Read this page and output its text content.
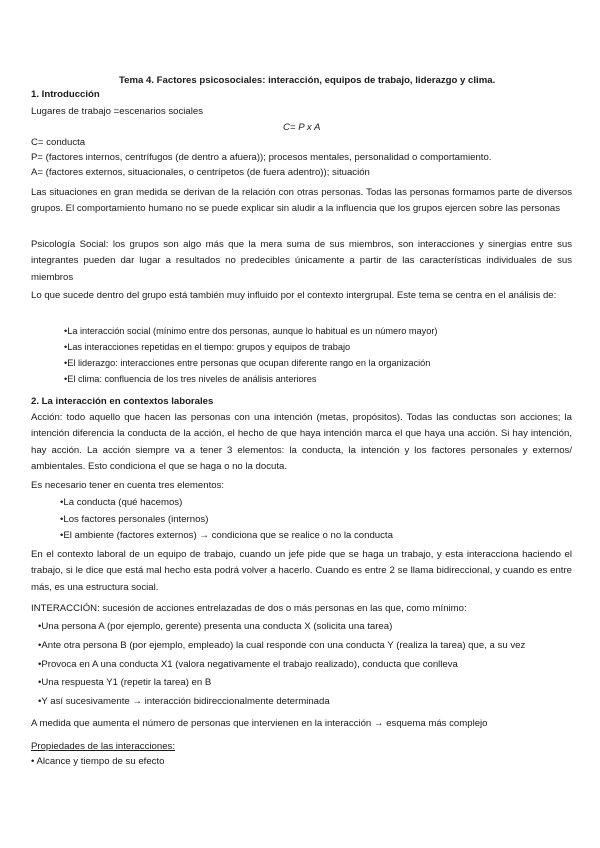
Tema 4. Factores psicosociales: interacción, equipos de trabajo, liderazgo y clima.
1. Introducción
Lugares de trabajo =escenarios sociales
C= P x A
C= conducta
P= (factores internos, centrífugos (de dentro a afuera)); procesos mentales, personalidad o comportamiento.
A= (factores externos, situacionales, o centrípetos (de fuera adentro)); situación
Las situaciones en gran medida se derivan de la relación con otras personas. Todas las personas formamos parte de diversos grupos. El comportamiento humano no se puede explicar sin aludir a la influencia que los grupos ejercen sobre las personas
Psicología Social: los grupos son algo más que la mera suma de sus miembros, son interacciones y sinergias entre sus integrantes pueden dar lugar a resultados no predecibles únicamente a partir de las características individuales de sus miembros
Lo que sucede dentro del grupo está también muy influido por el contexto intergrupal. Este tema se centra en el análisis de:
•La interacción social (mínimo entre dos personas, aunque lo habitual es un número mayor)
•Las interacciones repetidas en el tiempo: grupos y equipos de trabajo
•El liderazgo: interacciones entre personas que ocupan diferente rango en la organización
•El clima: confluencia de los tres niveles de análisis anteriores
2. La interacción en contextos laborales
Acción: todo aquello que hacen las personas con una intención (metas, propósitos). Todas las conductas son acciones; la intención diferencia la conducta de la acción, el hecho de que haya intención marca el que haya una acción. Si hay intención, hay acción. La acción siempre va a tener 3 elementos: la conducta, la intención y los factores personales y externos/ ambientales. Esto condiciona el que se haga o no la docuta.
Es necesario tener en cuenta tres elementos:
•La conducta (qué hacemos)
•Los factores personales (internos)
•El ambiente (factores externos) → condiciona que se realice o no la conducta
En el contexto laboral de un equipo de trabajo, cuando un jefe pide que se haga un trabajo, y esta interacciona haciendo el trabajo, si le dice que está mal hecho esta podrá volver a hacerlo. Cuando es entre 2 se llama bidireccional, y cuando es entre más, es una estructura social.
INTERACCIÓN: sucesión de acciones entrelazadas de dos o más personas en las que, como mínimo:
•Una persona A (por ejemplo, gerente) presenta una conducta X (solicita una tarea)
•Ante otra persona B (por ejemplo, empleado) la cual responde con una conducta Y (realiza la tarea) que, a su vez
•Provoca en A una conducta X1 (valora negativamente el trabajo realizado), conducta que conlleva
•Una respuesta Y1 (repetir la tarea) en B
•Y así sucesivamente → interacción bidireccionalmente determinada
A medida que aumenta el número de personas que intervienen en la interacción → esquema más complejo
Propiedades de las interacciones:
• Alcance y tiempo de su efecto
